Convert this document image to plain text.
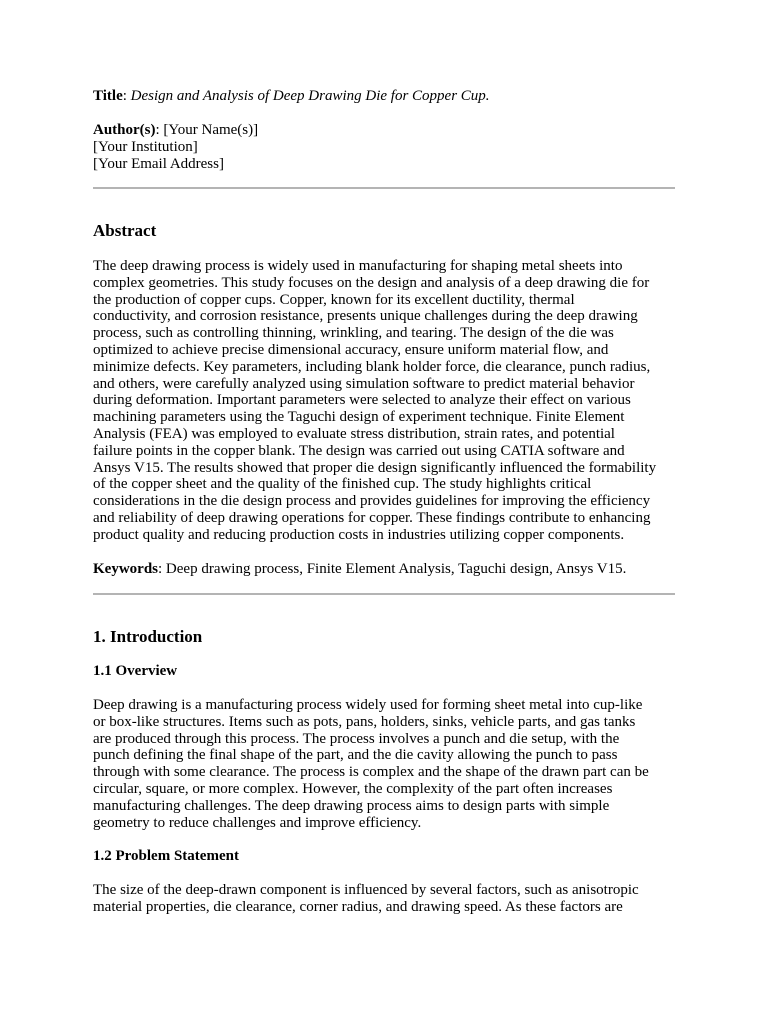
Title: Design and Analysis of Deep Drawing Die for Copper Cup.
Author(s): [Your Name(s)]
[Your Institution]
[Your Email Address]
Abstract

The deep drawing process is widely used in manufacturing for shaping metal sheets into
complex geometries. This study focuses on the design and analysis of a deep drawing die for
the production of copper cups. Copper, known for its excellent ductility, thermal
conductivity, and corrosion resistance, presents unique challenges during the deep drawing
process, such as controlling thinning, wrinkling, and tearing. The design of the die was
optimized to achieve precise dimensional accuracy, ensure uniform material flow, and
minimize defects. Key parameters, including blank holder force, die clearance, punch radius,
and others, were carefully analyzed using simulation software to predict material behavior
during deformation. Important parameters were selected to analyze their effect on various
machining parameters using the Taguchi design of experiment technique. Finite Element
Analysis (FEA) was employed to evaluate stress distribution, strain rates, and potential
failure points in the copper blank. The design was carried out using CATIA software and
Ansys V15. The results showed that proper die design significantly influenced the formability
of the copper sheet and the quality of the finished cup. The study highlights critical
considerations in the die design process and provides guidelines for improving the efficiency
and reliability of deep drawing operations for copper. These findings contribute to enhancing
product quality and reducing production costs in industries utilizing copper components.

Keywords: Deep drawing process, Finite Element Analysis, Taguchi design, Ansys V15.
1. Introduction
1.1 Overview

Deep drawing is a manufacturing process widely used for forming sheet metal into cup-like
or box-like structures. Items such as pots, pans, holders, sinks, vehicle parts, and gas tanks
are produced through this process. The process involves a punch and die setup, with the
punch defining the final shape of the part, and the die cavity allowing the punch to pass
through with some clearance. The process is complex and the shape of the drawn part can be
circular, square, or more complex. However, the complexity of the part often increases
manufacturing challenges. The deep drawing process aims to design parts with simple
geometry to reduce challenges and improve efficiency.

1.2 Problem Statement

The size of the deep-drawn component is influenced by several factors, such as anisotropic
material properties, die clearance, corner radius, and drawing speed. As these factors are
